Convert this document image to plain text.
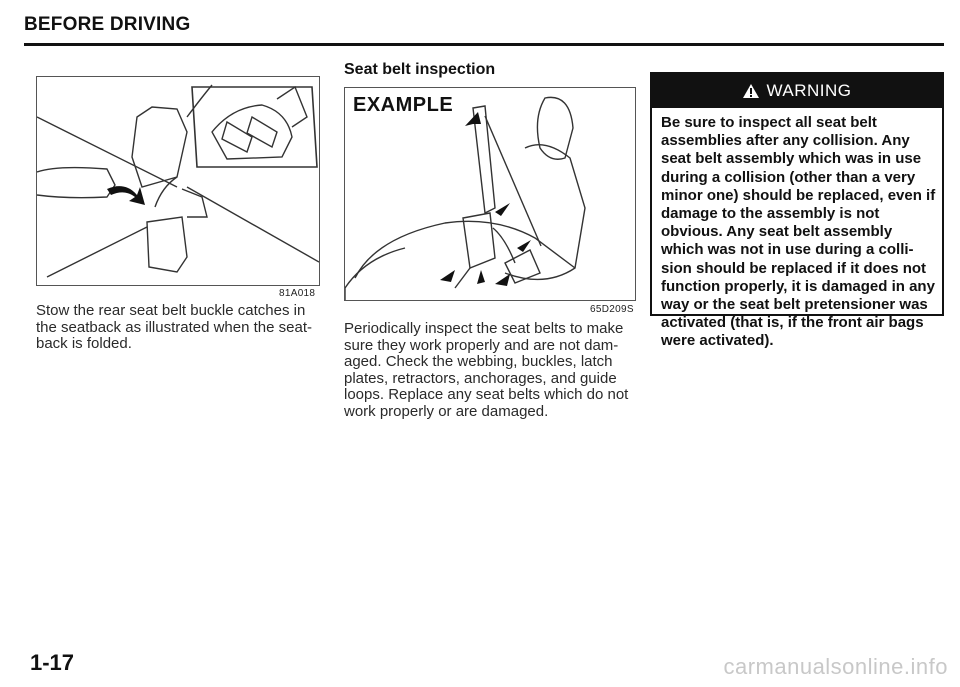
BEFORE DRIVING
81A018
Stow the rear seat belt buckle catches in the seatback as illustrated when the seat-back is folded.
Seat belt inspection
EXAMPLE
65D209S
Periodically inspect the seat belts to make sure they work properly and are not dam-aged. Check the webbing, buckles, latch plates, retractors, anchorages, and guide loops. Replace any seat belts which do not work properly or are damaged.
WARNING
Be sure to inspect all seat belt assemblies after any collision. Any seat belt assembly which was in use during a collision (other than a very minor one) should be replaced, even if damage to the assembly is not obvious. Any seat belt assembly which was not in use during a colli-sion should be replaced if it does not function properly, it is damaged in any way or the seat belt pretensioner was activated (that is, if the front air bags were activated).
1-17	carmanualsonline.info
